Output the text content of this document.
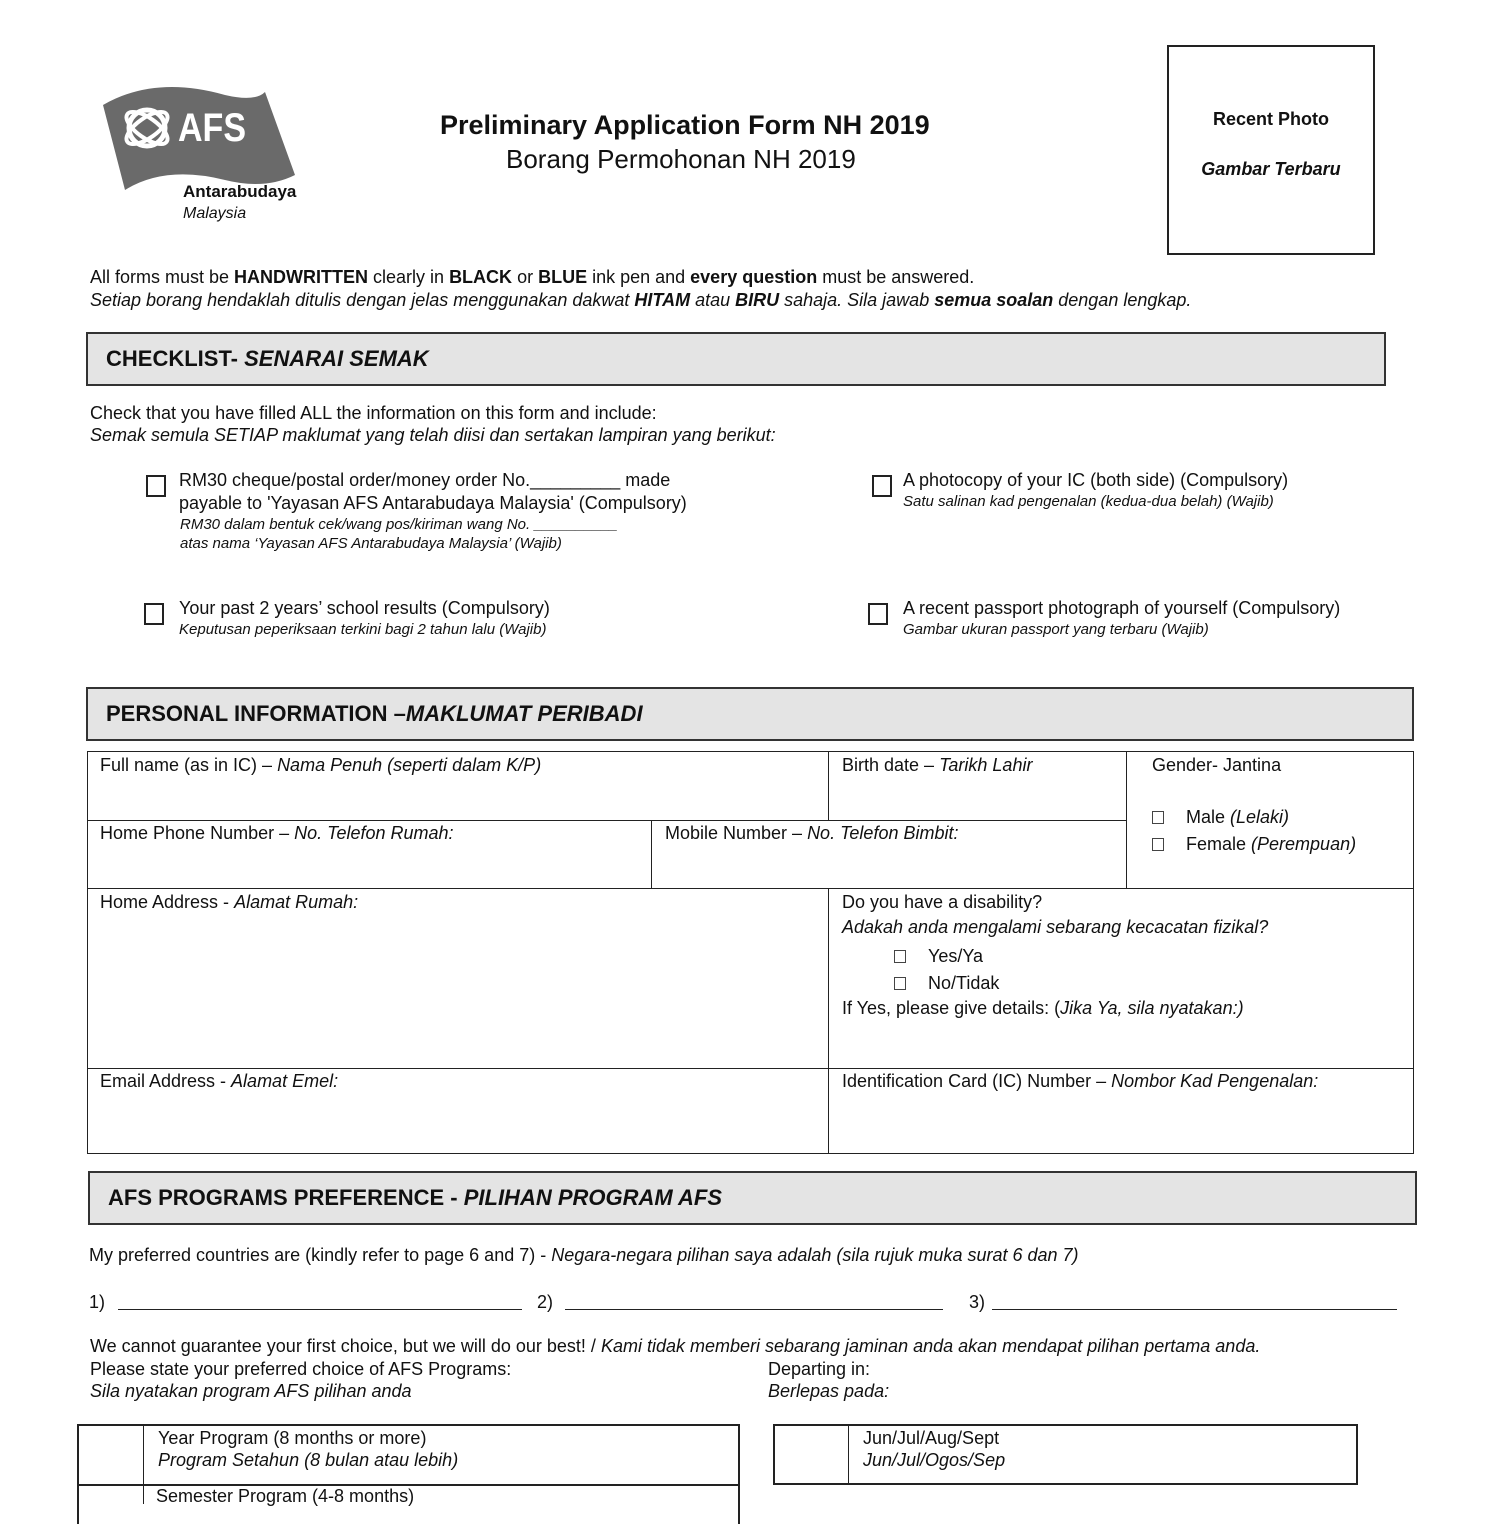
AFS
Antarabudaya
Malaysia
Preliminary Application Form NH 2019
Borang Permohonan NH 2019
Recent Photo
Gambar Terbaru
All forms must be HANDWRITTEN clearly in BLACK or BLUE ink pen and every question must be answered.
Setiap borang hendaklah ditulis dengan jelas menggunakan dakwat HITAM atau BIRU sahaja. Sila jawab semua soalan dengan lengkap.
CHECKLIST-
SENARAI SEMAK
Check that you have filled ALL the information on this form and include:
Semak semula SETIAP maklumat yang telah diisi dan sertakan lampiran yang berikut:
RM30 cheque/postal order/money order No._________ made
payable to 'Yayasan AFS Antarabudaya Malaysia' (Compulsory)
RM30 dalam bentuk cek/wang pos/kiriman wang No. __________
atas nama ‘Yayasan AFS Antarabudaya Malaysia’ (Wajib)
A photocopy of your IC (both side) (Compulsory)
Satu salinan kad pengenalan (kedua-dua belah) (Wajib)
Your past 2 years’ school results (Compulsory)
Keputusan peperiksaan terkini bagi 2 tahun lalu (Wajib)
A recent passport photograph of yourself (Compulsory)
Gambar ukuran passport yang terbaru (Wajib)
PERSONAL INFORMATION – MAKLUMAT PERIBADI
Full name (as in IC) – Nama Penuh (seperti dalam K/P)	Birth date – Tarikh Lahir	Gender- Jantina
Male (Lelaki)
Female (Perempuan)
Home Phone Number – No. Telefon Rumah:	Mobile Number – No. Telefon Bimbit:
Home Address - Alamat Rumah:	Do you have a disability?
Adakah anda mengalami sebarang kecacatan fizikal?
Yes/Ya
No/Tidak
If Yes, please give details: (Jika Ya, sila nyatakan:)
Email Address - Alamat Emel:	Identification Card (IC) Number – Nombor Kad Pengenalan:
AFS PROGRAMS PREFERENCE -
PILIHAN PROGRAM AFS
My preferred countries are (kindly refer to page 6 and 7) - Negara-negara pilihan saya adalah (sila rujuk muka surat 6 dan 7)
1)	2)	3)
We cannot guarantee your first choice, but we will do our best! / Kami tidak memberi sebarang jaminan anda akan mendapat pilihan pertama anda.
Please state your preferred choice of AFS Programs:
Sila nyatakan program AFS pilihan anda
Departing in:
Berlepas pada:
Year Program (8 months or more)
Program Setahun (8 bulan atau lebih)
Semester Program (4-8 months)
Jun/Jul/Aug/Sept
Jun/Jul/Ogos/Sep
